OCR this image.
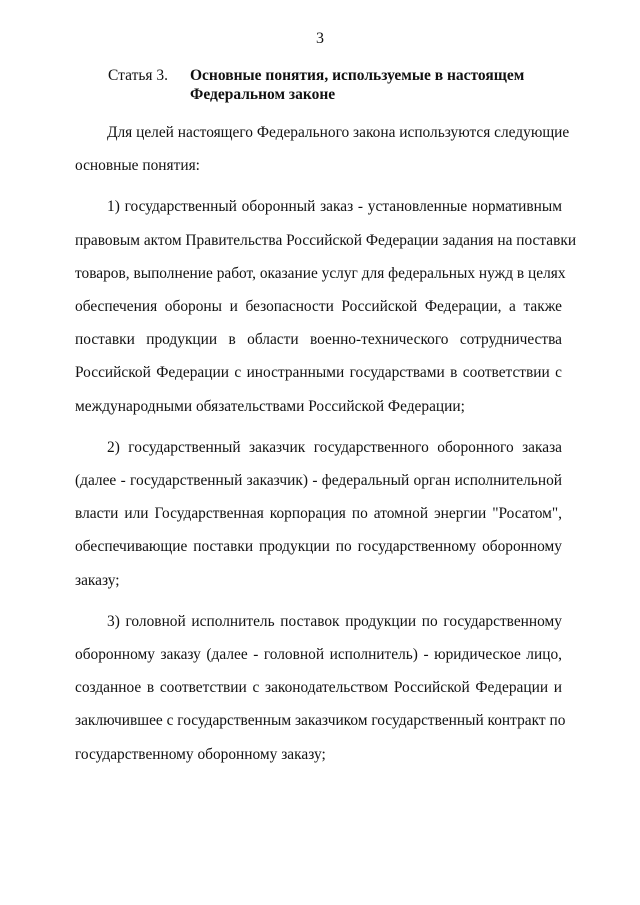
3
Статья 3. Основные понятия, используемые в настоящем
Федеральном законе
Для целей настоящего Федерального закона используются следующие
основные понятия:
1) государственный оборонный заказ - установленные нормативным
правовым актом Правительства Российской Федерации задания на поставки
товаров, выполнение работ, оказание услуг для федеральных нужд в целях
обеспечения обороны и безопасности Российской Федерации, а также
поставки продукции в области военно-технического сотрудничества
Российской Федерации с иностранными государствами в соответствии с
международными обязательствами Российской Федерации;
2) государственный заказчик государственного оборонного заказа
(далее - государственный заказчик) - федеральный орган исполнительной
власти или Государственная корпорация по атомной энергии "Росатом",
обеспечивающие поставки продукции по государственному оборонному
заказу;
3) головной исполнитель поставок продукции по государственному
оборонному заказу (далее - головной исполнитель) - юридическое лицо,
созданное в соответствии с законодательством Российской Федерации и
заключившее с государственным заказчиком государственный контракт по
государственному оборонному заказу;
